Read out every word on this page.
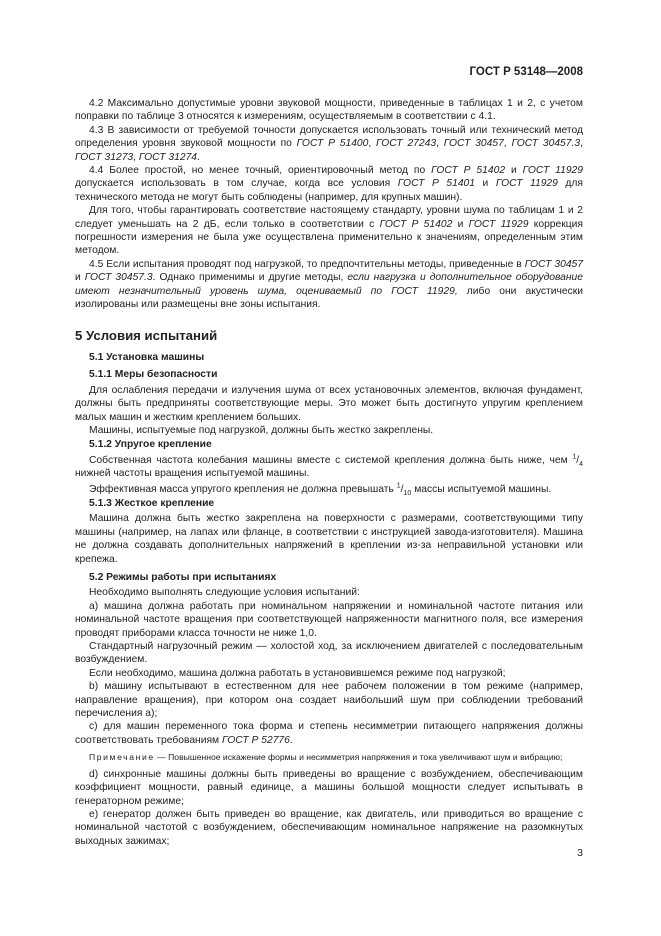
ГОСТ Р 53148—2008

4.2 Максимально допустимые уровни звуковой мощности, приведенные в таблицах 1 и 2, с учетом поправки по таблице 3 относятся к измерениям, осуществляемым в соответствии с 4.1.

4.3 В зависимости от требуемой точности допускается использовать точный или технический метод определения уровня звуковой мощности по ГОСТ Р 51400, ГОСТ 27243, ГОСТ 30457, ГОСТ 30457.3, ГОСТ 31273, ГОСТ 31274.

4.4 Более простой, но менее точный, ориентировочный метод по ГОСТ Р 51402 и ГОСТ 11929 допускается использовать в том случае, когда все условия ГОСТ Р 51401 и ГОСТ 11929 для технического метода не могут быть соблюдены (например, для крупных машин).

Для того, чтобы гарантировать соответствие настоящему стандарту, уровни шума по таблицам 1 и 2 следует уменьшать на 2 дБ, если только в соответствии с ГОСТ Р 51402 и ГОСТ 11929 коррекция погрешности измерения не была уже осуществлена применительно к значениям, определенным этим методом.

4.5 Если испытания проводят под нагрузкой, то предпочтительны методы, приведенные в ГОСТ 30457 и ГОСТ 30457.3. Однако применимы и другие методы, если нагрузка и дополнительное оборудование имеют незначительный уровень шума, оцениваемый по ГОСТ 11929, либо они акустически изолированы или размещены вне зоны испытания.

5 Условия испытаний

5.1 Установка машины

5.1.1 Меры безопасности

Для ослабления передачи и излучения шума от всех установочных элементов, включая фундамент, должны быть предприняты соответствующие меры. Это может быть достигнуто упругим креплением малых машин и жестким креплением больших.

Машины, испытуемые под нагрузкой, должны быть жестко закреплены.

5.1.2 Упругое крепление

Собственная частота колебания машины вместе с системой крепления должна быть ниже, чем $^1/_4$ нижней частоты вращения испытуемой машины.

Эффективная масса упругого крепления не должна превышать $^1/_{10}$ массы испытуемой машины.

5.1.3 Жесткое крепление

Машина должна быть жестко закреплена на поверхности с размерами, соответствующими типу машины (например, на лапах или фланце, в соответствии с инструкцией завода-изготовителя). Машина не должна создавать дополнительных напряжений в креплении из-за неправильной установки или крепежа.

5.2 Режимы работы при испытаниях

Необходимо выполнять следующие условия испытаний:

а) машина должна работать при номинальном напряжении и номинальной частоте питания или номинальной частоте вращения при соответствующей напряженности магнитного поля, все измерения проводят приборами класса точности не ниже 1,0.

Стандартный нагрузочный режим — холостой ход, за исключением двигателей с последовательным возбуждением.

Если необходимо, машина должна работать в установившемся режиме под нагрузкой;

b) машину испытывают в естественном для нее рабочем положении в том режиме (например, направление вращения), при котором она создает наибольший шум при соблюдении требований перечисления а);

c) для машин переменного тока форма и степень несимметрии питающего напряжения должны соответствовать требованиям ГОСТ Р 52776.

Примечание — Повышенное искажение формы и несимметрия напряжения и тока увеличивают шум и вибрацию;

d) синхронные машины должны быть приведены во вращение с возбуждением, обеспечивающим коэффициент мощности, равный единице, а машины большой мощности следует испытывать в генераторном режиме;

е) генератор должен быть приведен во вращение, как двигатель, или приводиться во вращение с номинальной частотой с возбуждением, обеспечивающим номинальное напряжение на разомкнутых выходных зажимах;

3
